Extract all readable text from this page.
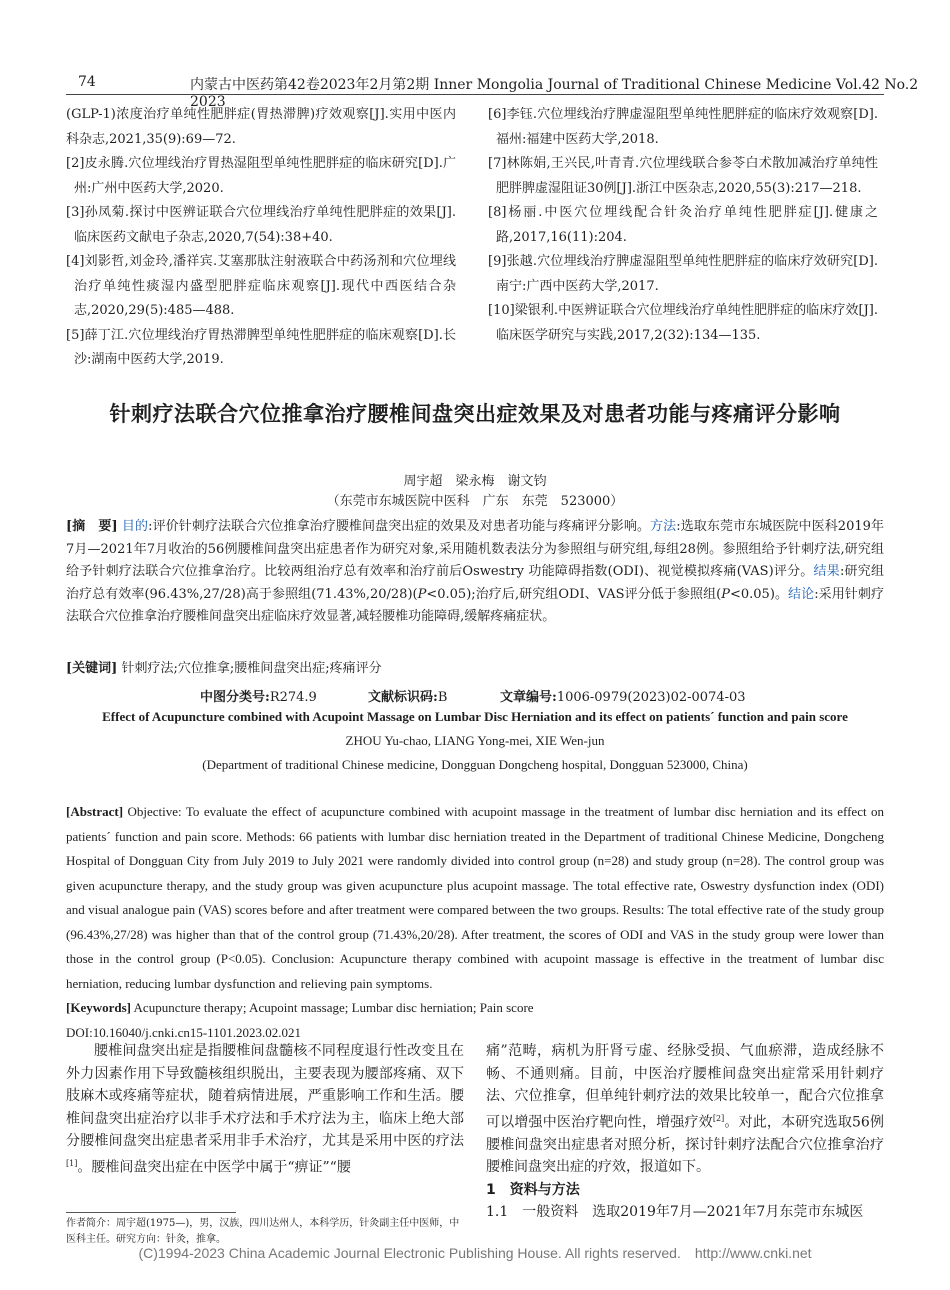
74	内蒙古中医药第42卷2023年2月第2期 Inner Mongolia Journal of Traditional Chinese Medicine Vol.42 No.2 2023
(GLP-1)浓度治疗单纯性肥胖症(胃热滞脾)疗效观察[J].实用中医内科杂志,2021,35(9):69—72.
[2]皮永腾.穴位埋线治疗胃热湿阻型单纯性肥胖症的临床研究[D].广州:广州中医药大学,2020.
[3]孙凤菊.探讨中医辨证联合穴位埋线治疗单纯性肥胖症的效果[J].临床医药文献电子杂志,2020,7(54):38+40.
[4]刘影哲,刘金玲,潘祥宾.艾塞那肽注射液联合中药汤剂和穴位埋线治疗单纯性痰湿内盛型肥胖症临床观察[J].现代中西医结合杂志,2020,29(5):485—488.
[5]薛丁江.穴位埋线治疗胃热滞脾型单纯性肥胖症的临床观察[D].长沙:湖南中医药大学,2019.
[6]李钰.穴位埋线治疗脾虚湿阻型单纯性肥胖症的临床疗效观察[D].福州:福建中医药大学,2018.
[7]林陈娟,王兴民,叶青青.穴位埋线联合参苓白术散加减治疗单纯性肥胖脾虚湿阻证30例[J].浙江中医杂志,2020,55(3):217—218.
[8]杨丽.中医穴位埋线配合针灸治疗单纯性肥胖症[J].健康之路,2017,16(11):204.
[9]张越.穴位埋线治疗脾虚湿阻型单纯性肥胖症的临床疗效研究[D].南宁:广西中医药大学,2017.
[10]梁银利.中医辨证联合穴位埋线治疗单纯性肥胖症的临床疗效[J].临床医学研究与实践,2017,2(32):134—135.
针刺疗法联合穴位推拿治疗腰椎间盘突出症效果及对患者功能与疼痛评分影响
周宇超　梁永梅　谢文钧
（东莞市东城医院中医科　广东　东莞　523000）
[摘　要] 目的:评价针刺疗法联合穴位推拿治疗腰椎间盘突出症的效果及对患者功能与疼痛评分影响。方法:选取东莞市东城医院中医科2019年7月—2021年7月收治的56例腰椎间盘突出症患者作为研究对象,采用随机数表法分为参照组与研究组,每组28例。参照组给予针刺疗法,研究组给予针刺疗法联合穴位推拿治疗。比较两组治疗总有效率和治疗前后Oswestry 功能障碍指数(ODI)、视觉模拟疼痛(VAS)评分。结果:研究组治疗总有效率(96.43%,27/28)高于参照组(71.43%,20/28)(P<0.05);治疗后,研究组ODI、VAS评分低于参照组(P<0.05)。结论:采用针刺疗法联合穴位推拿治疗腰椎间盘突出症临床疗效显著,减轻腰椎功能障碍,缓解疼痛症状。
[关键词] 针刺疗法;穴位推拿;腰椎间盘突出症;疼痛评分
中图分类号:R274.9	文献标识码:B	文章编号:1006-0979(2023)02-0074-03
Effect of Acupuncture combined with Acupoint Massage on Lumbar Disc Herniation and its effect on patients´ function and pain score
ZHOU Yu-chao, LIANG Yong-mei, XIE Wen-jun
(Department of traditional Chinese medicine, Dongguan Dongcheng hospital, Dongguan 523000, China)
[Abstract] Objective: To evaluate the effect of acupuncture combined with acupoint massage in the treatment of lumbar disc herniation and its effect on patients´ function and pain score. Methods: 66 patients with lumbar disc herniation treated in the Department of traditional Chinese Medicine, Dongcheng Hospital of Dongguan City from July 2019 to July 2021 were randomly divided into control group (n=28) and study group (n=28). The control group was given acupuncture therapy, and the study group was given acupuncture plus acupoint massage. The total effective rate, Oswestry dysfunction index (ODI) and visual analogue pain (VAS) scores before and after treatment were compared between the two groups. Results: The total effective rate of the study group (96.43%,27/28) was higher than that of the control group (71.43%,20/28). After treatment, the scores of ODI and VAS in the study group were lower than those in the control group (P<0.05). Conclusion: Acupuncture therapy combined with acupoint massage is effective in the treatment of lumbar disc herniation, reducing lumbar dysfunction and relieving pain symptoms.
[Keywords] Acupuncture therapy; Acupoint massage; Lumbar disc herniation; Pain score
DOI:10.16040/j.cnki.cn15-1101.2023.02.021
腰椎间盘突出症是指腰椎间盘髓核不同程度退行性改变且在外力因素作用下导致髓核组织脱出，主要表现为腰部疼痛、双下肢麻木或疼痛等症状，随着病情进展，严重影响工作和生活。腰椎间盘突出症治疗以非手术疗法和手术疗法为主，临床上绝大部分腰椎间盘突出症患者采用非手术治疗，尤其是采用中医的疗法[1]。腰椎间盘突出症在中医学中属于“痹证”“腰
作者简介：周宇超(1975—)，男，汉族，四川达州人，本科学历，针灸副主任中医师，中医科主任。研究方向：针灸，推拿。
痛”范畴，病机为肝肾亏虚、经脉受损、气血瘀滞，造成经脉不畅、不通则痛。目前，中医治疗腰椎间盘突出症常采用针刺疗法、穴位推拿，但单纯针刺疗法的效果比较单一，配合穴位推拿可以增强中医治疗靶向性，增强疗效[2]。对此，本研究选取56例腰椎间盘突出症患者对照分析，探讨针刺疗法配合穴位推拿治疗腰椎间盘突出症的疗效，报道如下。
1　资料与方法
1.1　一般资料　选取2019年7月—2021年7月东莞市东城医
(C)1994-2023 China Academic Journal Electronic Publishing House. All rights reserved.　http://www.cnki.net
